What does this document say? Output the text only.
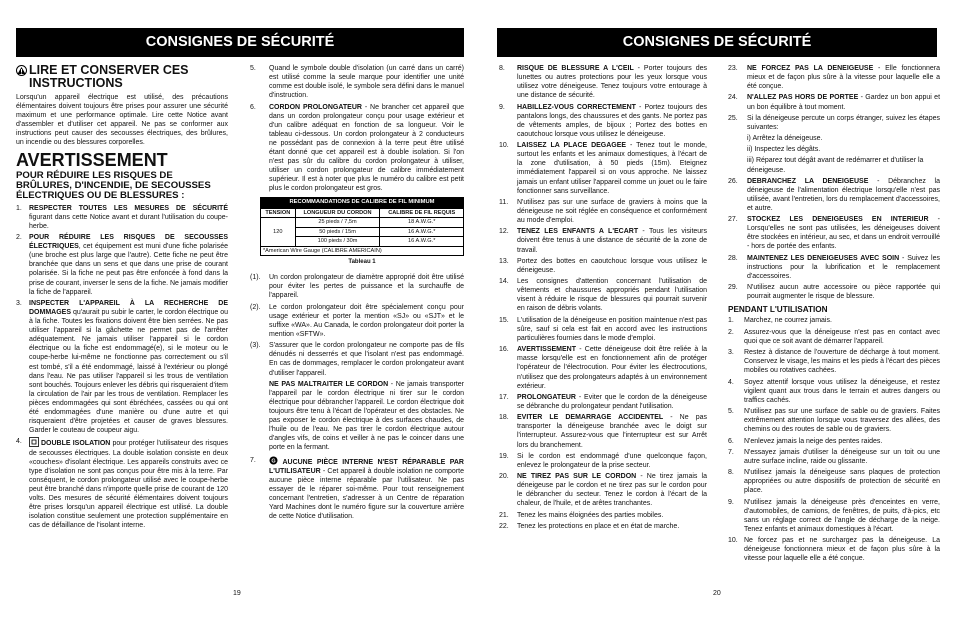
CONSIGNES DE SÉCURITÉ
LIRE ET CONSERVER CES INSTRUCTIONS

Lorsqu'un appareil électrique est utilisé, des précautions élémentaires doivent toujours être prises pour assurer une sécurité maximum et une performance optimale. Lire cette Notice avant d'assembler et d'utiliser cet appareil. Ne pas se conformer aux instructions peut causer des secousses électriques, des brûlures, un incendie ou des blessures corporelles.

AVERTISSEMENT
POUR RÉDUIRE LES RISQUES DE BRÛLURES, D'INCENDIE, DE SECOUSSES ÉLECTRIQUES OU DE BLESSURES :
1.	RESPECTER TOUTES LES MESURES DE SÉCURITÉ figurant dans cette Notice avant et durant l'utilisation du coupe-herbe.
2.	POUR RÉDUIRE LES RISQUES DE SECOUSSES ÉLECTRIQUES, cet équipement est muni d'une fiche polarisée (une broche est plus large que l'autre). Cette fiche ne peut être branchée que dans un sens et que dans une prise de courant polarisée. Si la fiche ne peut pas être enfoncée à fond dans la prise de courant, inverser le sens de la fiche. Ne jamais modifier la fiche de l'appareil.
3.	INSPECTER L'APPAREIL À LA RECHERCHE DE DOMMAGES qu'aurait pu subir le carter, le cordon électrique ou à la fiche. Toutes les fixations doivent être bien serrées. Ne pas utiliser l'appareil si la gâchette ne permet pas de l'arrêter adéquatement. Ne jamais utiliser l'appareil si le cordon électrique ou la fiche est endommagé(e), si le moteur ou le coupe-herbe lui-même ne fonctionne pas correctement ou s'il est tombé, s'il a été endommagé, laissé à l'extérieur ou plongé dans l'eau. Ne pas utiliser l'appareil si les trous de ventilation sont bouchés. Toujours enlever les débris qui risqueraient d'item la circulation de l'air par les trous de ventilation. Remplacer les pièces endommagées qui sont ébréchées, cassées ou qui ont été endommagées d'une manière ou d'une autre et qui risqueraient d'être projetées et causer de graves blessures. Garder le couteau de coupeur aigu.
4.	DOUBLE ISOLATION pour protéger l'utilisateur des risques de secousses électriques. La double isolation consiste en deux «couches» d'isolant électrique. Les appareils construits avec ce type d'isolation ne sont pas conçus pour être mis à la terre. Par conséquent, le cordon prolongateur utilisé avec le coupe-herbe peut être branché dans n'importe quelle prise de courant de 120 volts. Des mesures de sécurité élémentaires doivent toujours être prises lorsqu'un appareil électrique est utilisé. La double isolation constitue seulement une protection supplémentaire en cas de défaillance de l'isolant interne.
5.	Quand le symbole double d'isolation (un carré dans un carré) est utilisé comme la seule marque pour identifier une unité comme est double isolé, le symbole sera défini dans le manuel d'instruction.
6.	CORDON PROLONGATEUR - Ne brancher cet appareil que dans un cordon prolongateur conçu pour usage extérieur et d'un calibre adéquat en fonction de sa longueur. Voir le tableau ci-dessous. Un cordon prolongateur à 2 conducteurs ne possédant pas de connexion à la terre peut être utilisé étant donné que cet appareil est à double isolation. Si l'on n'est pas sûr du calibre du cordon prolongateur à utiliser, utiliser un cordon prolongateur de calibre immédiatement supérieur. Il est à noter que plus le numéro du calibre est petit plus le cordon prolongateur est gros.
RECOMMANDATIONS DE CALIBRE DE FIL MINIMUM
TENSION	LONGUEUR DU CORDON	CALIBRE DE FIL REQUIS
120	25 pieds / 7,5m	18 A.W.G.*
	50 pieds / 15m	16 A.W.G.*
	100 pieds / 30m	16 A.W.G.*
*American Wire Gauge (CALIBRE AMERICAIN)		
Tableau 1
(1).	Un cordon prolongateur de diamètre approprié doit être utilisé pour éviter les pertes de puissance et la surchauffe de l'appareil.
(2).	Le cordon prolongateur doit être spécialement conçu pour usage extérieur et porter la mention «SJ» ou «SJT» et le suffixe «WA». Au Canada, le cordon prolongateur doit porter la mention «SFTW».
(3).	S'assurer que le cordon prolongateur ne comporte pas de fils dénudés ni desserrés et que l'isolant n'est pas endommagé. En cas de dommages, remplacer le cordon prolongateur avant d'utiliser l'appareil.
NE PAS MALTRAITER LE CORDON - Ne jamais transporter l'appareil par le cordon électrique ni tirer sur le cordon électrique pour débrancher l'appareil. Le cordon électrique doit toujours être tenu à l'écart de l'opérateur et des obstacles. Ne pas exposer le cordon électrique à des surfaces chaudes, de l'huile ou de l'eau. Ne pas tirer le cordon électrique autour d'angles vifs, de coins et veiller à ne pas le coincer dans une porte en la fermant.
7.	G AUCUNE PIÈCE INTERNE N'EST RÉPARABLE PAR L'UTILISATEUR - Cet appareil à double isolation ne comporte aucune pièce interne réparable par l'utilisateur. Ne pas essayer de le réparer soi-même. Pour tout renseignement concernant l'entretien, s'adresser à un Centre de réparation Yard Machines dont le numéro figure sur la couverture arrière de cette Notice d'utilisation.
19
CONSIGNES DE SÉCURITÉ
8.	RISQUE DE BLESSURE A L'CEIL - Porter toujours des lunettes ou autres protections pour les yeux lorsque vous utilisez votre déneigeuse. Tenez toujours votre entourage à une distance de sécurité.
9.	HABILLEZ-VOUS CORRECTEMENT - Portez toujours des pantalons longs, des chaussures et des gants. Ne portez pas de vêtements amples, de bijoux ; Portez des bottes en caoutchouc lorsque vous utilisez le déneigeuse.
10.	LAISSEZ LA PLACE DEGAGEE - Tenez tout le monde, surtout les enfants et les animaux domestiques, à l'écart de la zone d'utilisation, à 50 pieds (15m). Eteignez immédiatement l'appareil si on vous approche. Ne laissez jamais un enfant utiliser l'appareil comme un jouet ou le faire fonctionner sans surveillance.
11.	N'utilisez pas sur une surface de graviers à moins que la déneigeuse ne soit réglée en conséquence et conformément au mode d'emploi.
12.	TENEZ LES ENFANTS A L'ECART - Tous les visiteurs doivent être tenus à une distance de sécurité de la zone de travail.
13.	Portez des bottes en caoutchouc lorsque vous utilisez le déneigeuse.
14.	Les consignes d'attention concernant l'utilisation de vêtements et chaussures appropriés pendant l'utilisation visent à réduire le risque de blessures qui pourrait survenir en raison de débris volants.
15.	L'utilisation de la déneigeuse en position maintenue n'est pas sûre, sauf si cela est fait en accord avec les instructions particulières fournies dans le mode d'emploi.
16.	AVERTISSEMENT - Cette déneigeuse doit être reliée à la masse lorsqu'elle est en fonctionnement afin de protéger l'opérateur de l'électrocution. Pour éviter les électrocutions, n'utilisez que des prolongateurs adaptés à un environnement extérieur.
17.	PROLONGATEUR - Eviter que le cordon de la déneigeuse se débranche du prolongateur pendant l'utilisation.
18.	EVITER LE DEMARRAGE ACCIDENTEL - Ne pas transporter la déneigeuse branchée avec le doigt sur l'interrupteur. Assurez-vous que l'interrupteur est sur Arrêt lors du branchement.
19.	Si le cordon est endommagé d'une quelconque façon, enlevez le prolongateur de la prise secteur.
20.	NE TIREZ PAS SUR LE CORDON - Ne tirez jamais la déneigeuse par le cordon et ne tirez pas sur le cordon pour le débrancher du secteur. Tenez le cordon à l'écart de la chaleur, de l'huile, et de arêtes tranchantes.
21.	Tenez les mains éloignées des parties mobiles.
22.	Tenez les protections en place et en état de marche.
23.	NE FORCEZ PAS LA DENEIGEUSE - Elle fonctionnera mieux et de façon plus sûre à la vitesse pour laquelle elle a été conçue.
24.	N'ALLEZ PAS HORS DE PORTEE - Gardez un bon appui et un bon équilibre à tout moment.
25.	Si la déneigeuse percute un corps étranger, suivez les étapes suivantes:
i) Arrêtez la déneigeuse.
ii) Inspectez les dégâts.
iii) Réparez tout dégât avant de redémarrer et d'utiliser la déneigeuse.
26.	DEBRANCHEZ LA DENEIGEUSE - Débranchez la déneigeuse de l'alimentation électrique lorsqu'elle n'est pas utilisée, avant l'entretien, lors du remplacement d'accessoires, et autre.
27.	STOCKEZ LES DENEIGEUSES EN INTERIEUR - Lorsqu'elles ne sont pas utilisées, les déneigeuses doivent être stockées en intérieur, au sec, et dans un endroit verrouillé - hors de portée des enfants.
28.	MAINTENEZ LES DENEIGEUSES AVEC SOIN - Suivez les instructions pour la lubrification et le remplacement d'accessoires.
29.	N'utilisez aucun autre accessoire ou pièce rapportée qui pourrait augmenter le risque de blessure.
PENDANT L'UTILISATION
1.	Marchez, ne courrez jamais.
2.	Assurez-vous que la déneigeuse n'est pas en contact avec quoi que ce soit avant de démarrer l'appareil.
3.	Restez à distance de l'ouverture de décharge à tout moment. Conservez le visage, les mains et les pieds à l'écart des pièces mobiles ou rotatives cachées.
4.	Soyez attentif lorsque vous utilisez la déneigeuse, et restez vigilent quant aux trous dans le terrain et autres dangers ou traffics cachés.
5.	N'utilisez pas sur une surface de sable ou de graviers. Faites extrêmement attention lorsque vous traversez des allées, des chemins ou des routes de sable ou de graviers.
6.	N'enlevez jamais la neige des pentes raides.
7.	N'essayez jamais d'utiliser la déneigeuse sur un toit ou une autre surface incline, raide ou glissante.
8.	N'utilisez jamais la déneigeuse sans plaques de protection appropriées ou autre dispositifs de protection de sécurité en place.
9.	N'utilisez jamais la déneigeuse près d'enceintes en verre, d'automobiles, de camions, de fenêtres, de puits, d'à-pics, etc sans un réglage correct de l'angle de décharge de la neige. Tenez enfants et animaux domestiques à l'écart.
10. Ne forcez pas et ne surchargez pas la déneigeuse. La déneigeuse fonctionnera mieux et de façon plus sûre à la vitesse pour laquelle elle a été conçue.
20
